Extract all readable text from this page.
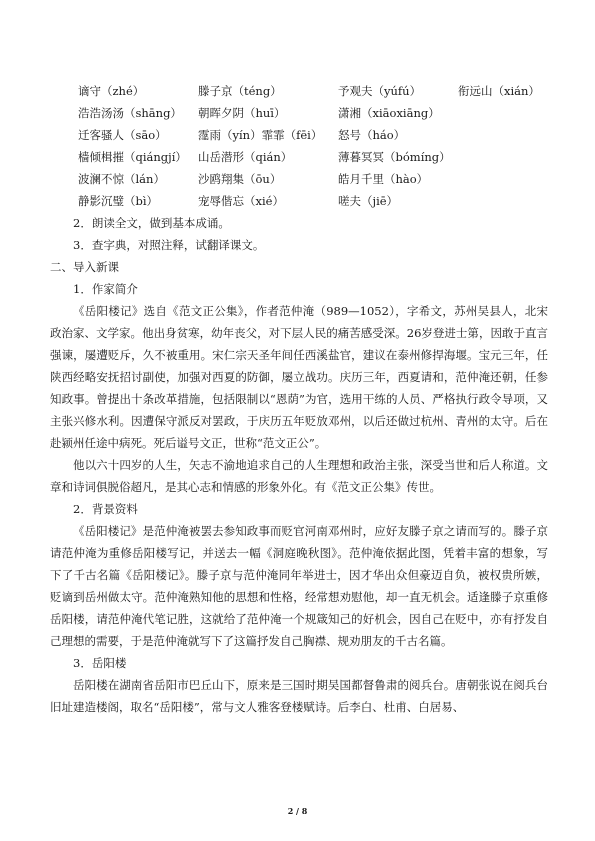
谪守（zhé）	滕子京（téng）	予观夫（yúfú）	衔远山（xián）
浩浩汤汤（shāng） 朝晖夕阴（huī）	潇湘（xiāoxiāng）
迁客骚人（sāo）	霪雨（yín）霏霏（fēi） 怒号（háo）
樯倾楫摧（qiángjí） 山岳潜形（qián）	薄暮冥冥（bómíng）
波澜不惊（lán）	沙鸥翔集（ōu）	皓月千里（hào）
静影沉璧（bì）	宠辱偕忘（xié）	嗟夫（jiē）

2．朗读全文，做到基本成诵。

3．查字典，对照注释，试翻译课文。

二、导入新课

1．作家简介

《岳阳楼记》选自《范文正公集》，作者范仲淹（989—1052），字希文，苏州吴县人，北宋政治家、文学家。他出身贫寒，幼年丧父，对下层人民的痛苦感受深。26岁登进士第，因敢于直言强谏，屡遭贬斥，久不被重用。宋仁宗天圣年间任西溪盐官，建议在泰州修捍海堰。宝元三年，任陕西经略安抚招讨副使，加强对西夏的防御，屡立战功。庆历三年，西夏请和，范仲淹还朝，任参知政事。曾提出十条改革措施，包括限制以“恩荫”为官，选用干练的人员、严格执行政令导项，又主张兴修水利。因遭保守派反对罢政，于庆历五年贬放邓州，以后还做过杭州、青州的太守。后在赴颍州任途中病死。死后谥号文正，世称“范文正公”。

他以六十四岁的人生，矢志不渝地追求自己的人生理想和政治主张，深受当世和后人称道。文章和诗词俱脱俗超凡，是其心志和情感的形象外化。有《范文正公集》传世。

2．背景资料

《岳阳楼记》是范仲淹被罢去参知政事而贬官河南邓州时，应好友滕子京之请而写的。滕子京请范仲淹为重修岳阳楼写记，并送去一幅《洞庭晚秋图》。范仲淹依据此图，凭着丰富的想象，写下了千古名篇《岳阳楼记》。滕子京与范仲淹同年举进士，因才华出众但豪迈自负，被权贵所嫉，贬谪到岳州做太守。范仲淹熟知他的思想和性格，经常想劝慰他，却一直无机会。适逢滕子京重修岳阳楼，请范仲淹代笔记胜，这就给了范仲淹一个规箴知己的好机会，因自己在贬中，亦有抒发自己理想的需要，于是范仲淹就写下了这篇抒发自己胸襟、规劝朋友的千古名篇。

3．岳阳楼

岳阳楼在湖南省岳阳市巴丘山下，原来是三国时期吴国都督鲁肃的阅兵台。唐朝张说在阅兵台旧址建造楼阁，取名“岳阳楼”，常与文人雅客登楼赋诗。后李白、杜甫、白居易、

2 / 8
